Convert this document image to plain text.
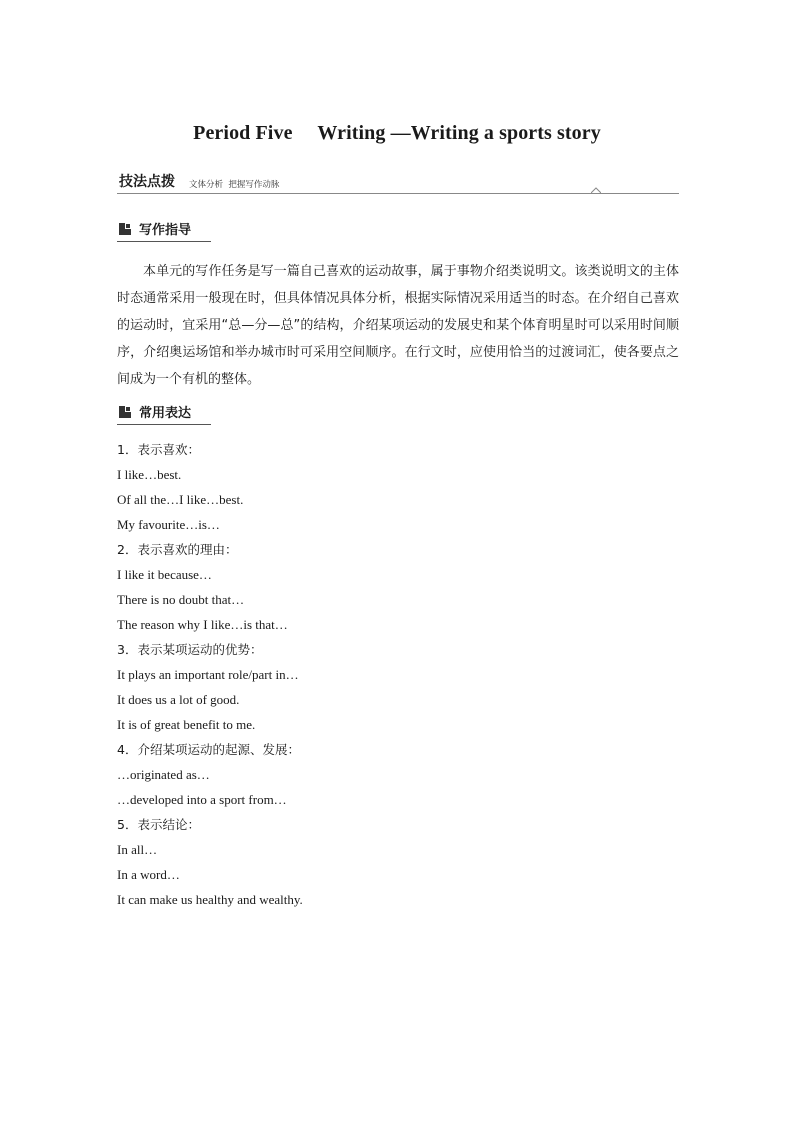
Period Five  Writing —Writing a sports story
技法点拨 文体分析  把握写作动脉
写作指导
本单元的写作任务是写一篇自己喜欢的运动故事，属于事物介绍类说明文。该类说明文的主体时态通常采用一般现在时，但具体情况具体分析，根据实际情况采用适当的时态。在介绍自己喜欢的运动时，宜采用“总—分—总”的结构，介绍某项运动的发展史和某个体育明星时可以采用时间顺序，介绍奥运场馆和举办城市时可采用空间顺序。在行文时，应使用恰当的过渡词汇，使各要点之间成为一个有机的整体。
常用表达
1．表示喜欢：
I like…best.
Of all the…I like…best.
My favourite…is…
2．表示喜欢的理由：
I like it because…
There is no doubt that…
The reason why I like…is that…
3．表示某项运动的优势：
It plays an important role/part in…
It does us a lot of good.
It is of great benefit to me.
4．介绍某项运动的起源、发展：
…originated as…
…developed into a sport from…
5．表示结论：
In all…
In a word…
It can make us healthy and wealthy.
